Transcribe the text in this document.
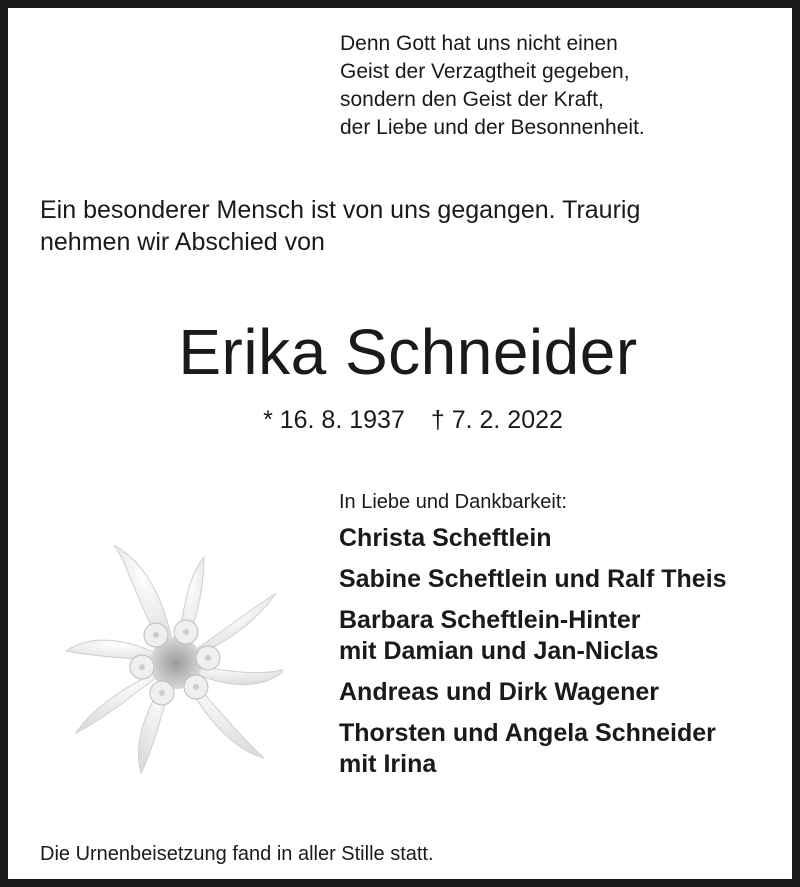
Denn Gott hat uns nicht einen
Geist der Verzagtheit gegeben,
sondern den Geist der Kraft,
der Liebe und der Besonnenheit.
Ein besonderer Mensch ist von uns gegangen. Traurig
nehmen wir Abschied von
Erika Schneider
* 16. 8. 1937 † 7. 2. 2022
In Liebe und Dankbarkeit:
Christa Scheftlein
Sabine Scheftlein und Ralf Theis
Barbara Scheftlein-Hinter
mit Damian und Jan-Niclas
Andreas und Dirk Wagener
Thorsten und Angela Schneider
mit Irina
Die Urnenbeisetzung fand in aller Stille statt.
